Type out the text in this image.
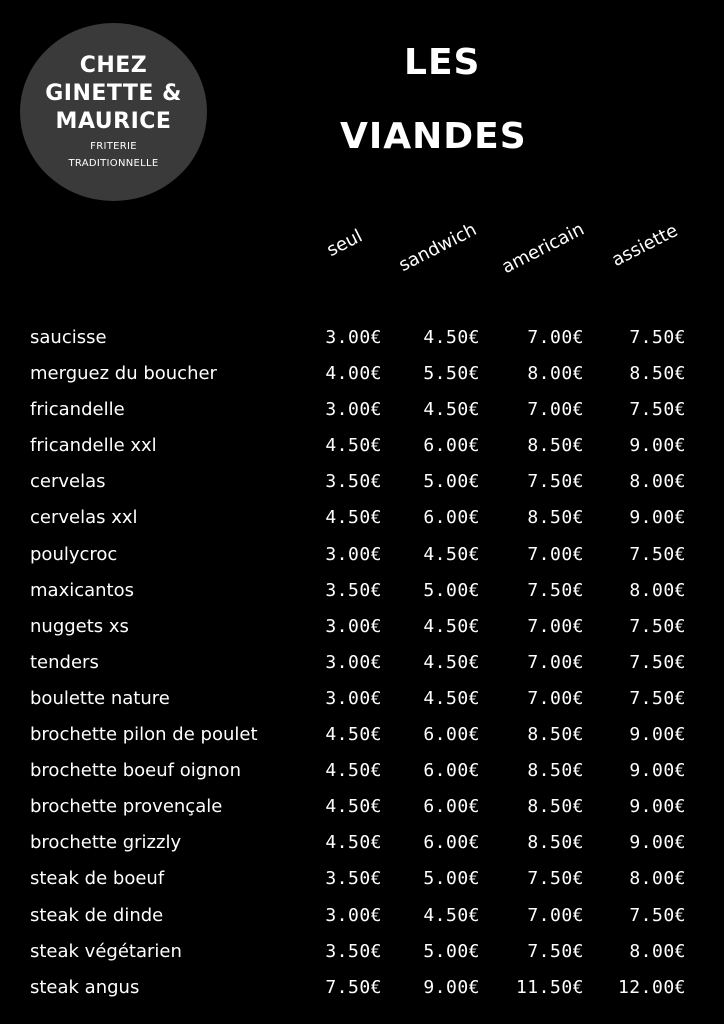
CHEZ
GINETTE &
MAURICE
FRITERIE
TRADITIONNELLE
LES
VIANDES
seul sandwich americain assiette
saucisse	3.00€	4.50€	7.00€	7.50€
merguez du boucher	4.00€	5.50€	8.00€	8.50€
fricandelle	3.00€	4.50€	7.00€	7.50€
fricandelle xxl	4.50€	6.00€	8.50€	9.00€
cervelas	3.50€	5.00€	7.50€	8.00€
cervelas xxl	4.50€	6.00€	8.50€	9.00€
poulycroc	3.00€	4.50€	7.00€	7.50€
maxicantos	3.50€	5.00€	7.50€	8.00€
nuggets xs	3.00€	4.50€	7.00€	7.50€
tenders	3.00€	4.50€	7.00€	7.50€
boulette nature	3.00€	4.50€	7.00€	7.50€
brochette pilon de poulet	4.50€	6.00€	8.50€	9.00€
brochette boeuf oignon	4.50€	6.00€	8.50€	9.00€
brochette provençale	4.50€	6.00€	8.50€	9.00€
brochette grizzly	4.50€	6.00€	8.50€	9.00€
steak de boeuf	3.50€	5.00€	7.50€	8.00€
steak de dinde	3.00€	4.50€	7.00€	7.50€
steak végétarien	3.50€	5.00€	7.50€	8.00€
steak angus	7.50€	9.00€	11.50€	12.00€
